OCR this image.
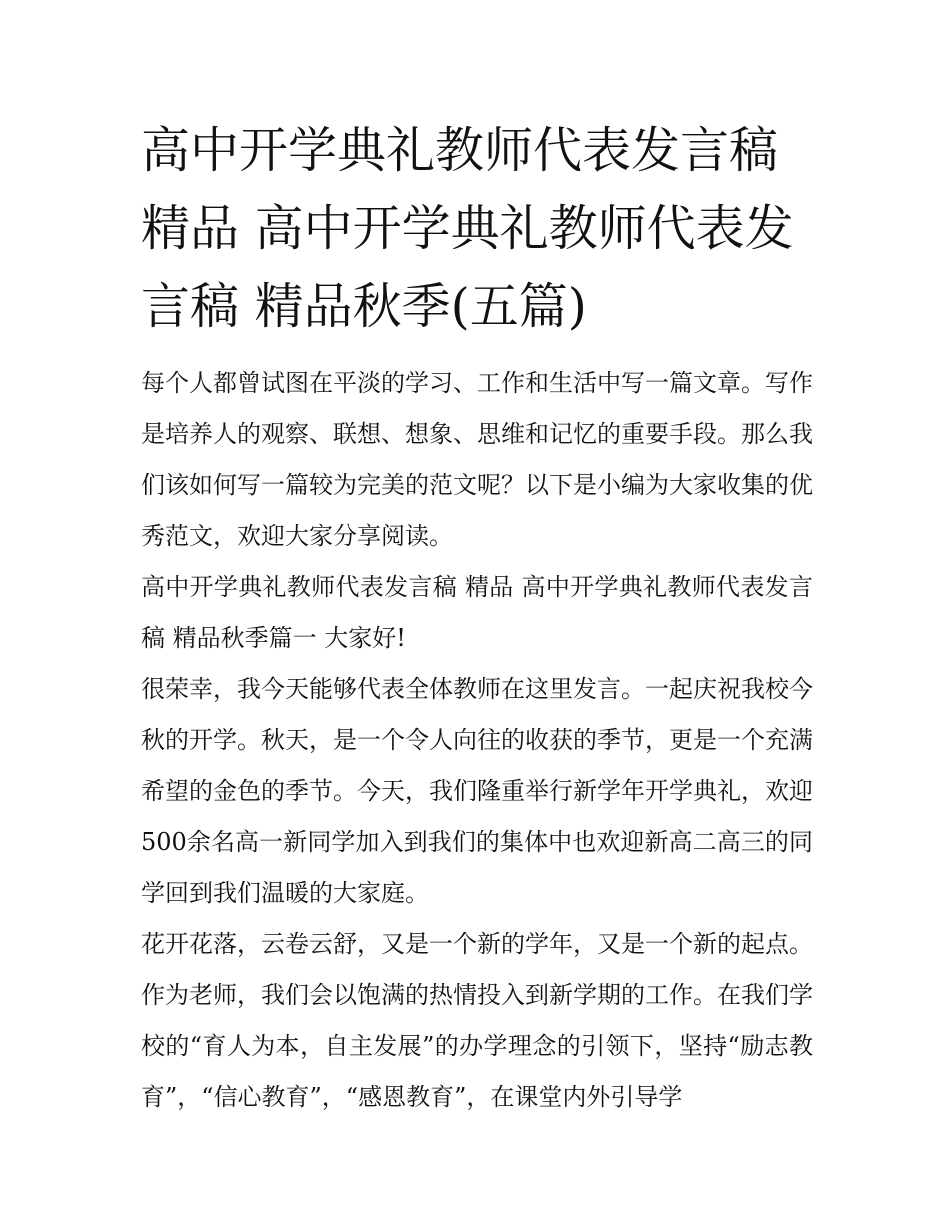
高中开学典礼教师代表发言稿 精品 高中开学典礼教师代表发言稿 精品秋季(五篇)

每个人都曾试图在平淡的学习、工作和生活中写一篇文章。写作是培养人的观察、联想、想象、思维和记忆的重要手段。那么我们该如何写一篇较为完美的范文呢？以下是小编为大家收集的优秀范文，欢迎大家分享阅读。

高中开学典礼教师代表发言稿 精品 高中开学典礼教师代表发言稿 精品秋季篇一 大家好!

很荣幸，我今天能够代表全体教师在这里发言。一起庆祝我校今秋的开学。秋天，是一个令人向往的收获的季节，更是一个充满希望的金色的季节。今天，我们隆重举行新学年开学典礼，欢迎500余名高一新同学加入到我们的集体中也欢迎新高二高三的同学回到我们温暖的大家庭。

花开花落，云卷云舒，又是一个新的学年，又是一个新的起点。作为老师，我们会以饱满的热情投入到新学期的工作。在我们学校的“育人为本，自主发展”的办学理念的引领下，坚持“励志教育”，“信心教育”，“感恩教育”，在课堂内外引导学
